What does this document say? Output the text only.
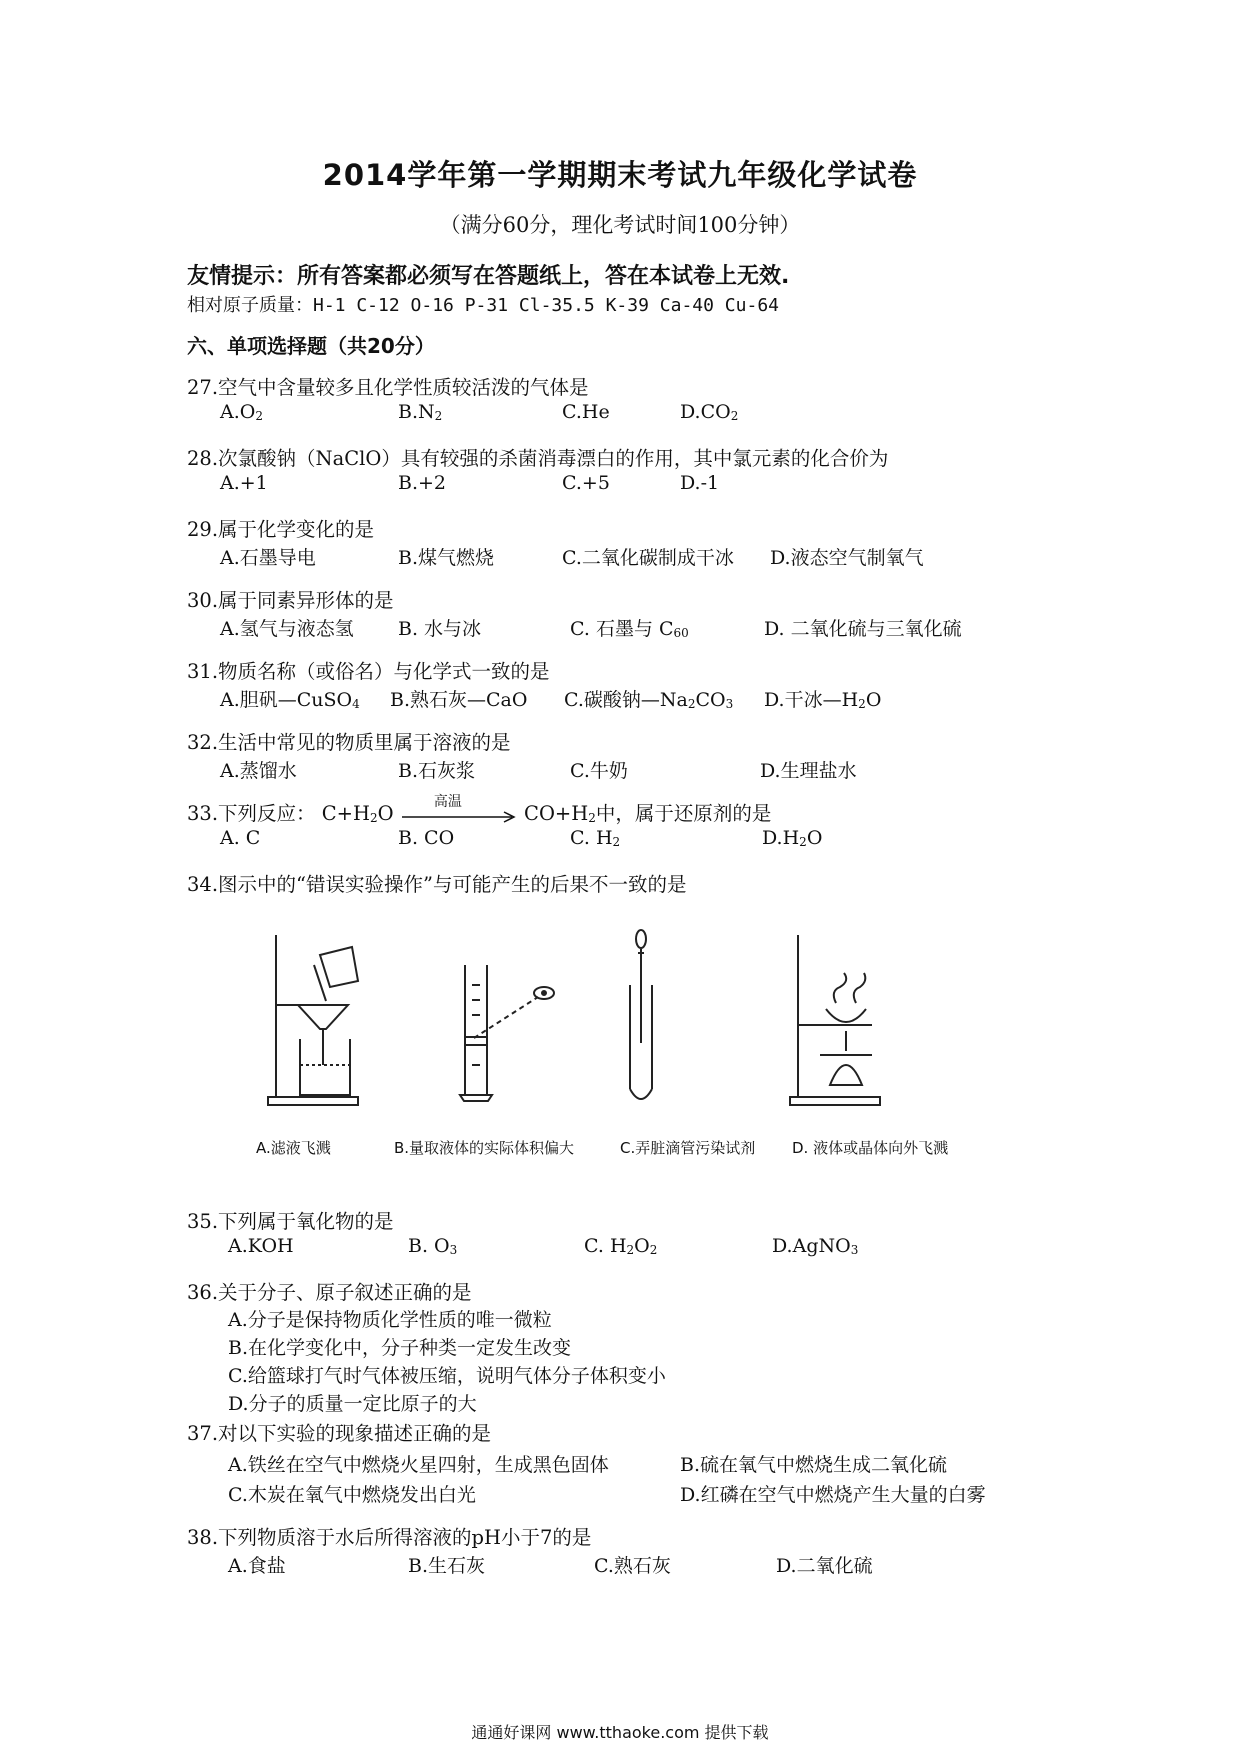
2014学年第一学期期末考试九年级化学试卷
（满分60分，理化考试时间100分钟）
友情提示：所有答案都必须写在答题纸上，答在本试卷上无效.
相对原子质量：H-1 C-12 O-16 P-31 Cl-35.5 K-39 Ca-40 Cu-64
六、单项选择题（共20分）
27.空气中含量较多且化学性质较活泼的气体是
$A.O_2$	$B.N_2$	C.He	$D.CO_2$
28.次氯酸钠（NaClO）具有较强的杀菌消毒漂白的作用，其中氯元素的化合价为
A.+1	B.+2	C.+5	D.-1
29.属于化学变化的是
A.石墨导电	B.煤气燃烧	C.二氧化碳制成干冰 D.液态空气制氧气
30.属于同素异形体的是
A.氢气与液态氢 B. 水与冰	C. 石墨与 $C_{60}$	D. 二氧化硫与三氧化硫
31.物质名称（或俗名）与化学式一致的是
A.胆矾—CuSO$_4$ B.熟石灰—CaO C.碳酸钠$—Na_2CO_3$ D.干冰$—H_2O$
32.生活中常见的物质里属于溶液的是
A.蒸馏水	B.石灰浆	C.牛奶	D.生理盐水
33.下列反应： $C+H_2O$
高温
$CO+H_2$中，属于还原剂的是
A. C	B. CO	C. $H_2$	$D.H_2O$
34.图示中的“错误实验操作”与可能产生的后果不一致的是
A.滤液飞溅	B.量取液体的实际体积偏大	C.弄脏滴管污染试剂 D. 液体或晶体向外飞溅
35.下列属于氧化物的是
A.KOH	B. $O_3$	C. $H_2O_2$	D.AgNO$_3$
36.关于分子、原子叙述正确的是
A.分子是保持物质化学性质的唯一微粒
B.在化学变化中，分子种类一定发生改变
C.给篮球打气时气体被压缩，说明气体分子体积变小
D.分子的质量一定比原子的大
37.对以下实验的现象描述正确的是
A.铁丝在空气中燃烧火星四射，生成黑色固体	B.硫在氧气中燃烧生成二氧化硫
C.木炭在氧气中燃烧发出白光	D.红磷在空气中燃烧产生大量的白雾
38.下列物质溶于水后所得溶液的pH小于7的是
A.食盐	B.生石灰	C.熟石灰	D.二氧化硫
通通好课网 www.tthaoke.com 提供下载
